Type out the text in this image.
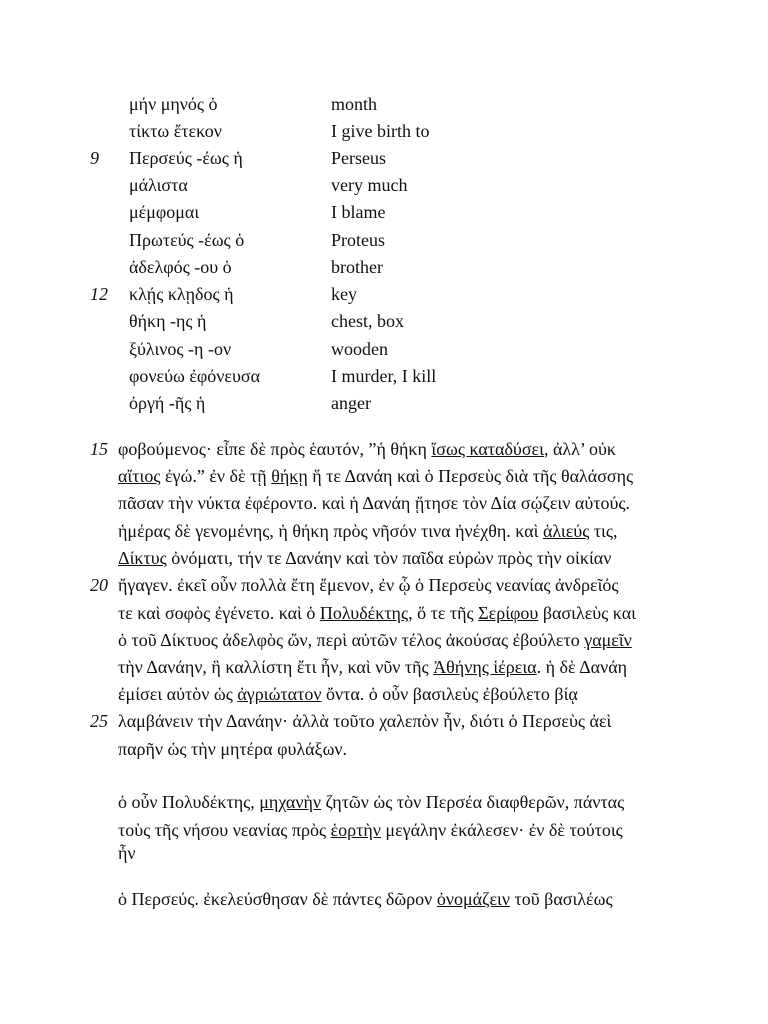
μήν μηνός ὁ	month
τίκτω ἔτεκον	I give birth to
9 Περσεύς -έως ἡ	Perseus
μάλιστα	very much
μέμφομαι	I blame
Πρωτεύς -έως ὁ	Proteus
ἀδελφός -ου ὁ	brother
12 κλῄς κλῃδος ἡ	key
θήκη -ης ἡ	chest, box
ξύλινος -η -ον	wooden
φονεύω ἐφόνευσα	I murder, I kill
ὀργή -ῆς ἡ	anger
φοβούμενος· εἶπε δὲ πρὸς ἑαυτόν, ”ἡ θήκη ἴσως καταδύσει, ἀλλ’ οὐκ
αἴτιος ἐγώ.” ἐν δὲ τῇ θήκῃ ἥ τε Δανάη καὶ ὁ Περσεὺς διὰ τῆς θαλάσσης
πᾶσαν τὴν νύκτα ἐφέροντο. καὶ ἡ Δανάη ᾔτησε τὸν Δία σῴζειν αὐτούς.
ἡμέρας δὲ γενομένης, ἡ θήκη πρὸς νῆσόν τινα ἠνέχθη. καὶ ἁλιεύς τις,
Δίκτυς ὀνόματι, τήν τε Δανάην καὶ τὸν παῖδα εὑρὼν πρὸς τὴν οἰκίαν
ἤγαγεν. ἐκεῖ οὖν πολλὰ ἔτη ἔμενον, ἐν ᾧ ὁ Περσεὺς νεανίας ἀνδρεῖός
τε καὶ σοφὸς ἐγένετο. καὶ ὁ Πολυδέκτης, ὅ τε τῆς Σερίφου βασιλεὺς και
ὁ τοῦ Δίκτυος ἀδελφὸς ὤν, περὶ αὐτῶν τέλος ἀκούσας ἐβούλετο γαμεῖν
τὴν Δανάην, ἣ καλλίστη ἔτι ἦν, καὶ νῦν τῆς Ἀθήνης ἱέρεια. ἡ δὲ Δανάη
ἐμίσει αὐτὸν ὡς ἀγριώτατον ὄντα. ὁ οὖν βασιλεὺς ἐβούλετο βίᾳ
λαμβάνειν τὴν Δανάην· ἀλλὰ τοῦτο χαλεπὸν ἦν, διότι ὁ Περσεὺς ἀεὶ
παρῆν ὡς τὴν μητέρα φυλάξων.
ὁ οὖν Πολυδέκτης, μηχανὴν ζητῶν ὡς τὸν Περσέα διαφθερῶν, πάντας
τοὺς τῆς νήσου νεανίας πρὸς ἑορτὴν μεγάλην ἐκάλεσεν· ἐν δὲ τούτοις
ἦν
ὁ Περσεύς. ἐκελεύσθησαν δὲ πάντες δῶρον ὀνομάζειν τοῦ βασιλέως
15
20
25
